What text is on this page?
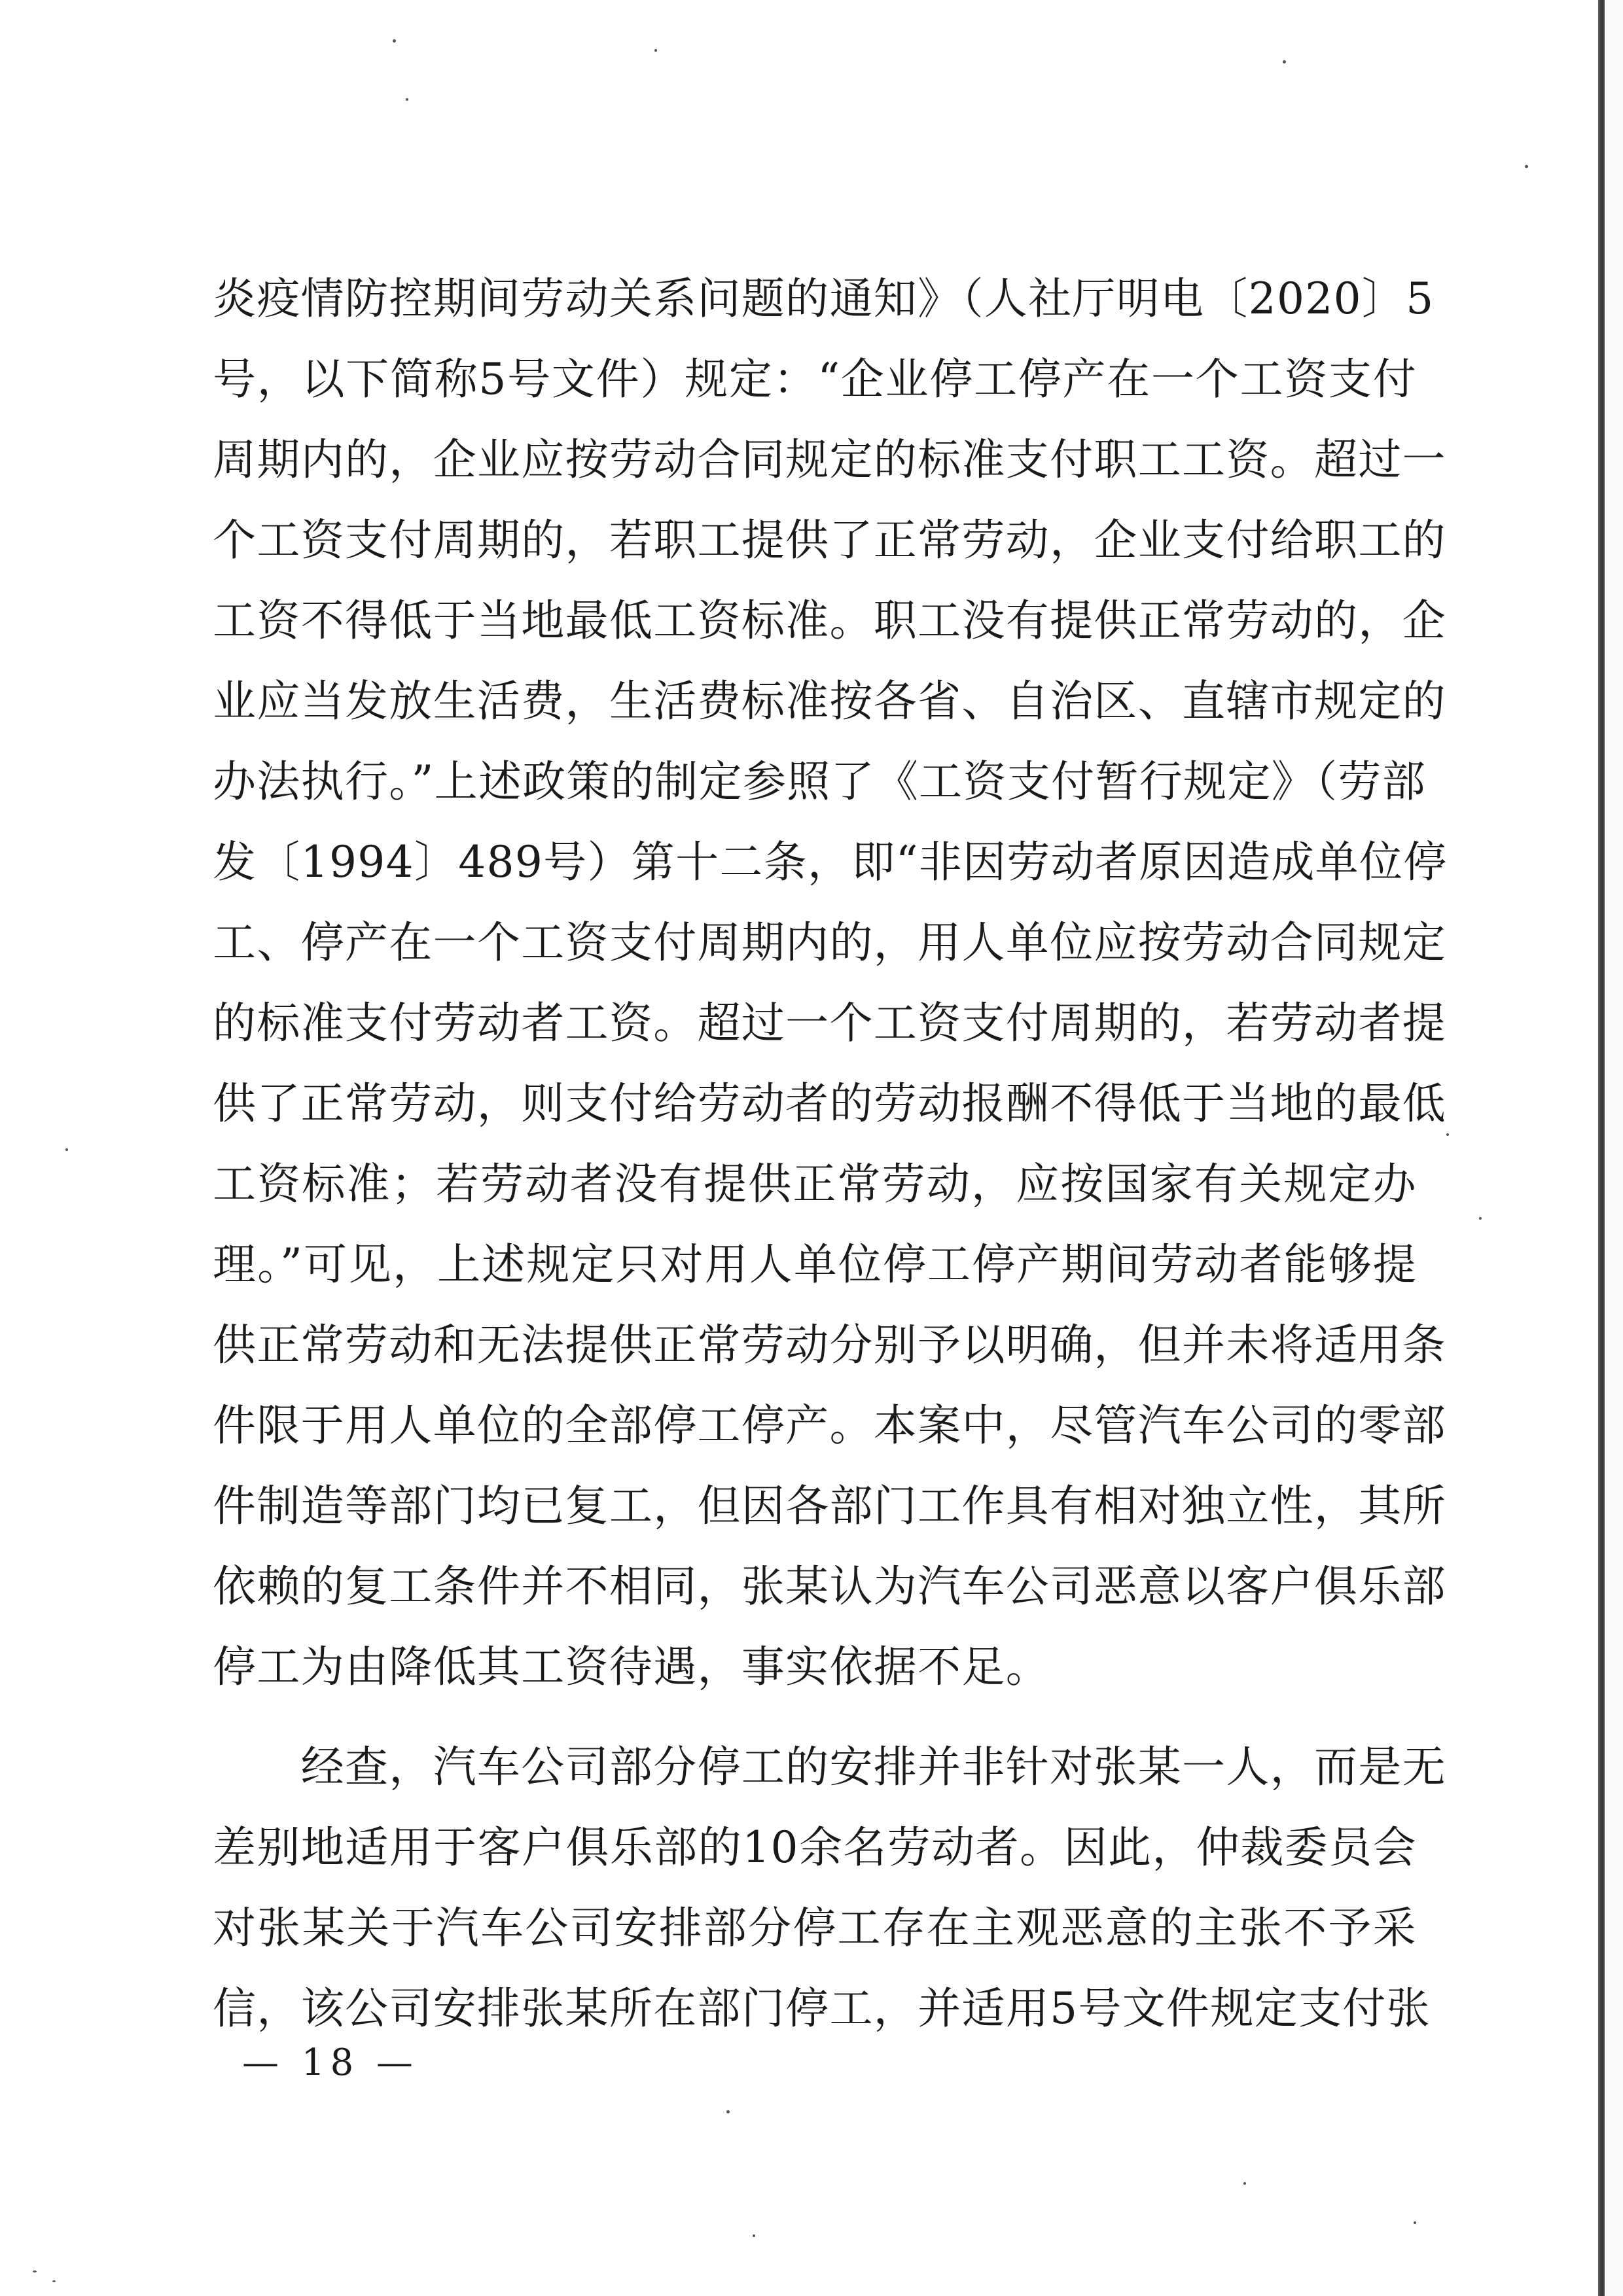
炎疫情防控期间劳动关系问题的通知》（人社厅明电〔2020〕5
号，以下简称5号文件）规定：“企业停工停产在一个工资支付
周期内的，企业应按劳动合同规定的标准支付职工工资。超过一
个工资支付周期的，若职工提供了正常劳动，企业支付给职工的
工资不得低于当地最低工资标准。职工没有提供正常劳动的，企
业应当发放生活费，生活费标准按各省、自治区、直辖市规定的
办法执行。”上述政策的制定参照了《工资支付暂行规定》（劳部
发〔1994〕489号）第十二条，即“非因劳动者原因造成单位停
工、停产在一个工资支付周期内的，用人单位应按劳动合同规定
的标准支付劳动者工资。超过一个工资支付周期的，若劳动者提
供了正常劳动，则支付给劳动者的劳动报酬不得低于当地的最低
工资标准；若劳动者没有提供正常劳动，应按国家有关规定办
理。”可见，上述规定只对用人单位停工停产期间劳动者能够提
供正常劳动和无法提供正常劳动分别予以明确，但并未将适用条
件限于用人单位的全部停工停产。本案中，尽管汽车公司的零部
件制造等部门均已复工，但因各部门工作具有相对独立性，其所
依赖的复工条件并不相同，张某认为汽车公司恶意以客户俱乐部
停工为由降低其工资待遇，事实依据不足。
　　经查，汽车公司部分停工的安排并非针对张某一人，而是无
差别地适用于客户俱乐部的10余名劳动者。因此，仲裁委员会
对张某关于汽车公司安排部分停工存在主观恶意的主张不予采
信，该公司安排张某所在部门停工，并适用5号文件规定支付张
— 18 —
